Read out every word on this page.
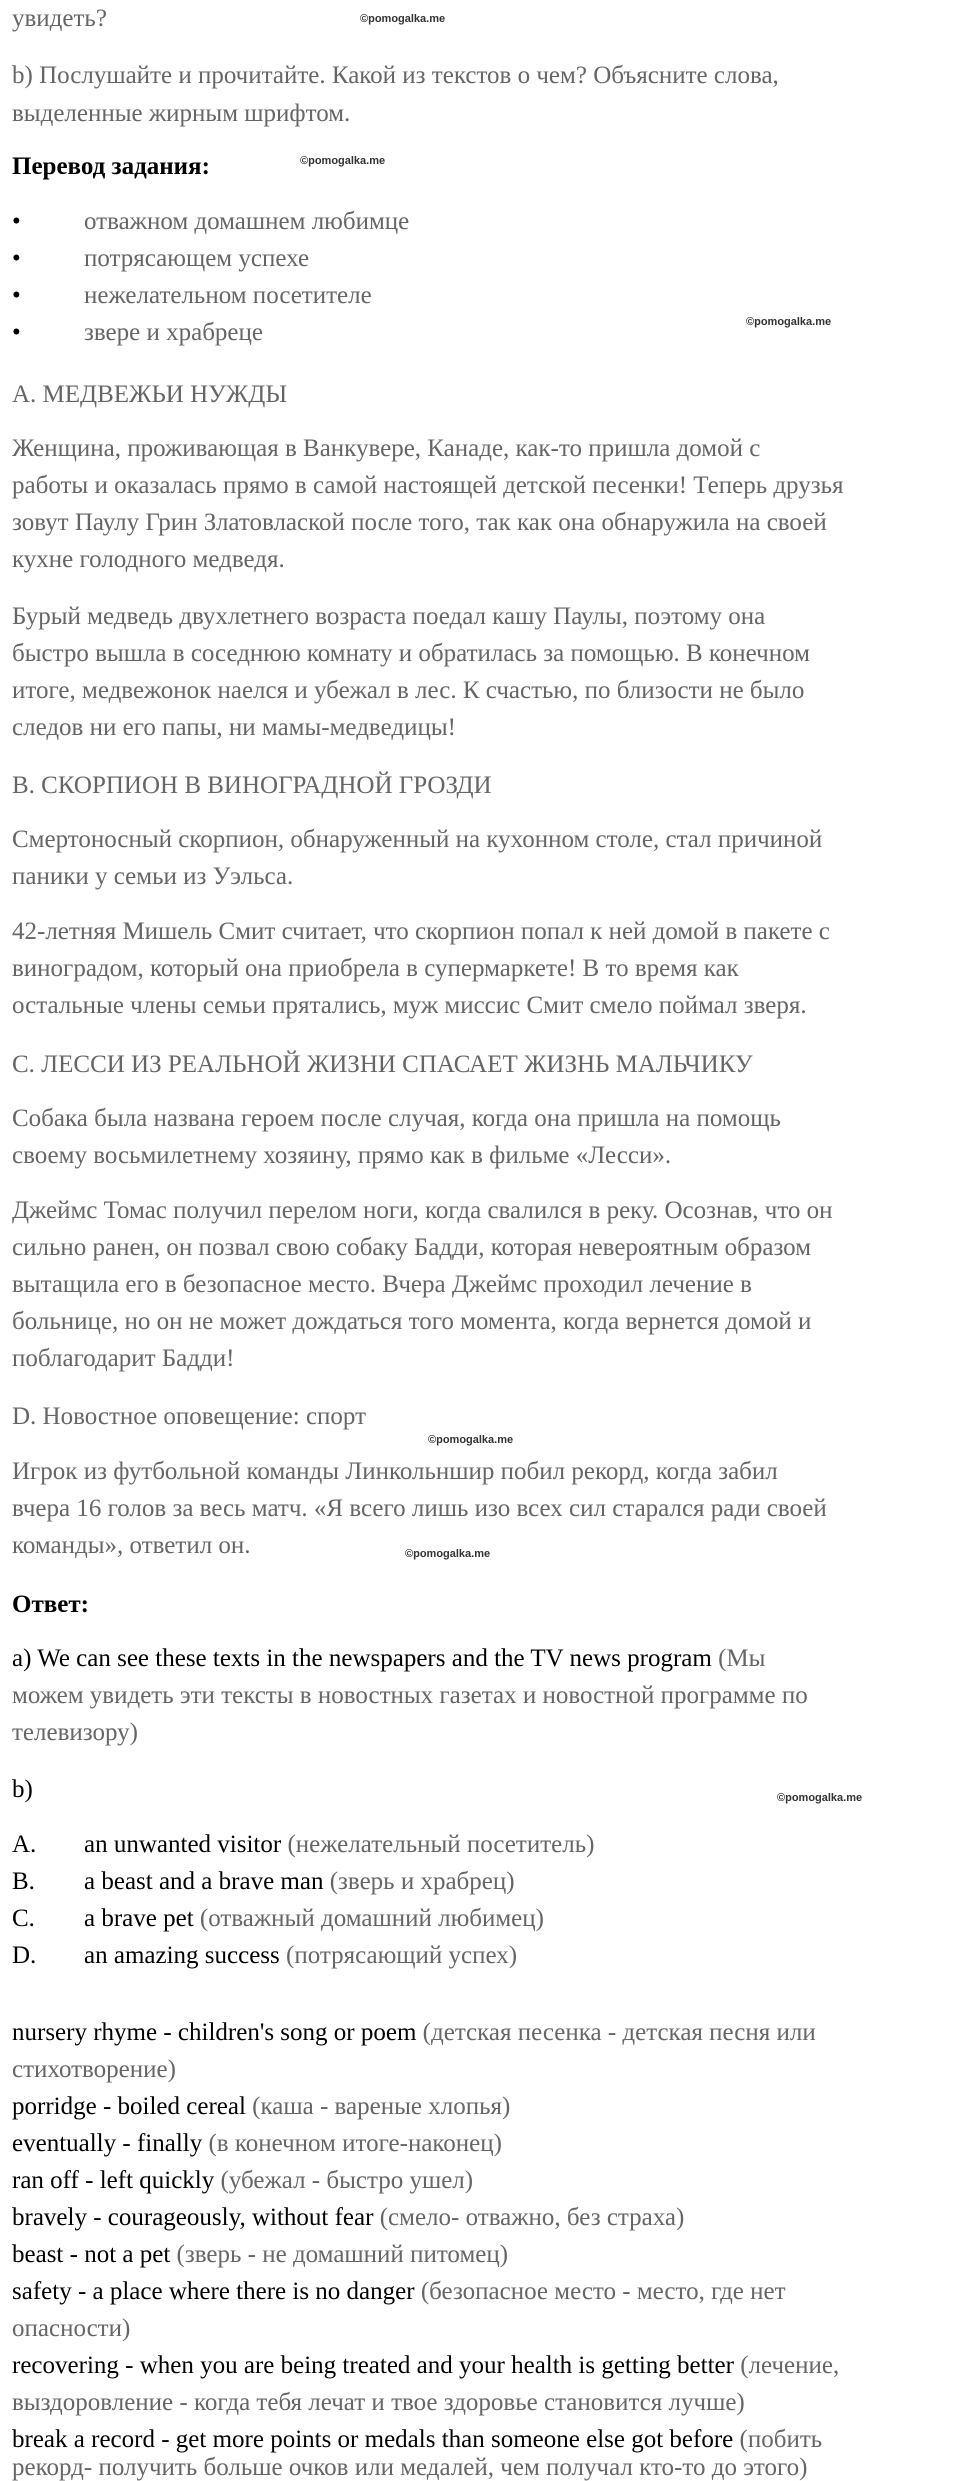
увидеть?
b) Послушайте и прочитайте. Какой из текстов о чем? Объясните слова,
выделенные жирным шрифтом.
Перевод задания:
•	отважном домашнем любимце
•	потрясающем успехе
•	нежелательном посетителе
•	звере и храбреце
A. МЕДВЕЖЬИ НУЖДЫ
Женщина, проживающая в Ванкувере, Канаде, как-то пришла домой с
работы и оказалась прямо в самой настоящей детской песенки! Теперь друзья
зовут Паулу Грин Златовлаской после того, так как она обнаружила на своей
кухне голодного медведя.
Бурый медведь двухлетнего возраста поедал кашу Паулы, поэтому она
быстро вышла в соседнюю комнату и обратилась за помощью. В конечном
итоге, медвежонок наелся и убежал в лес. К счастью, по близости не было
следов ни его папы, ни мамы-медведицы!
B. СКОРПИОН В ВИНОГРАДНОЙ ГРОЗДИ
Смертоносный скорпион, обнаруженный на кухонном столе, стал причиной
паники у семьи из Уэльса.
42-летняя Мишель Смит считает, что скорпион попал к ней домой в пакете с
виноградом, который она приобрела в супермаркете! В то время как
остальные члены семьи прятались, муж миссис Смит смело поймал зверя.
C. ЛЕССИ ИЗ РЕАЛЬНОЙ ЖИЗНИ СПАСАЕТ ЖИЗНЬ МАЛЬЧИКУ
Собака была названа героем после случая, когда она пришла на помощь
своему восьмилетнему хозяину, прямо как в фильме «Лесси».
Джеймс Томас получил перелом ноги, когда свалился в реку. Осознав, что он
сильно ранен, он позвал свою собаку Бадди, которая невероятным образом
вытащила его в безопасное место. Вчера Джеймс проходил лечение в
больнице, но он не может дождаться того момента, когда вернется домой и
поблагодарит Бадди!
D. Новостное оповещение: спорт
Игрок из футбольной команды Линкольншир побил рекорд, когда забил
вчера 16 голов за весь матч. «Я всего лишь изо всех сил старался ради своей
команды», ответил он.
Ответ:
a) We can see these texts in the newspapers and the TV news program (Мы
можем увидеть эти тексты в новостных газетах и новостной программе по
телевизору)
b)
A. an unwanted visitor (нежелательный посетитель)
B. a beast and a brave man (зверь и храбрец)
C. a brave pet (отважный домашний любимец)
D. an amazing success (потрясающий успех)
nursery rhyme - children's song or poem (детская песенка - детская песня или
стихотворение)
porridge - boiled cereal (каша - вареные хлопья)
eventually - finally (в конечном итоге-наконец)
ran off - left quickly (убежал - быстро ушел)
bravely - courageously, without fear (смело- отважно, без страха)
beast - not a pet (зверь - не домашний питомец)
safety - a place where there is no danger (безопасное место - место, где нет
опасности)
recovering - when you are being treated and your health is getting better (лечение,
выздоровление - когда тебя лечат и твое здоровье становится лучше)
break a record - get more points or medals than someone else got before (побить
рекорд- получить больше очков или медалей, чем получал кто-то до этого)
©pomogalka.me
©pomogalka.me
©pomogalka.me
©pomogalka.me
©pomogalka.me
©pomogalka.me
